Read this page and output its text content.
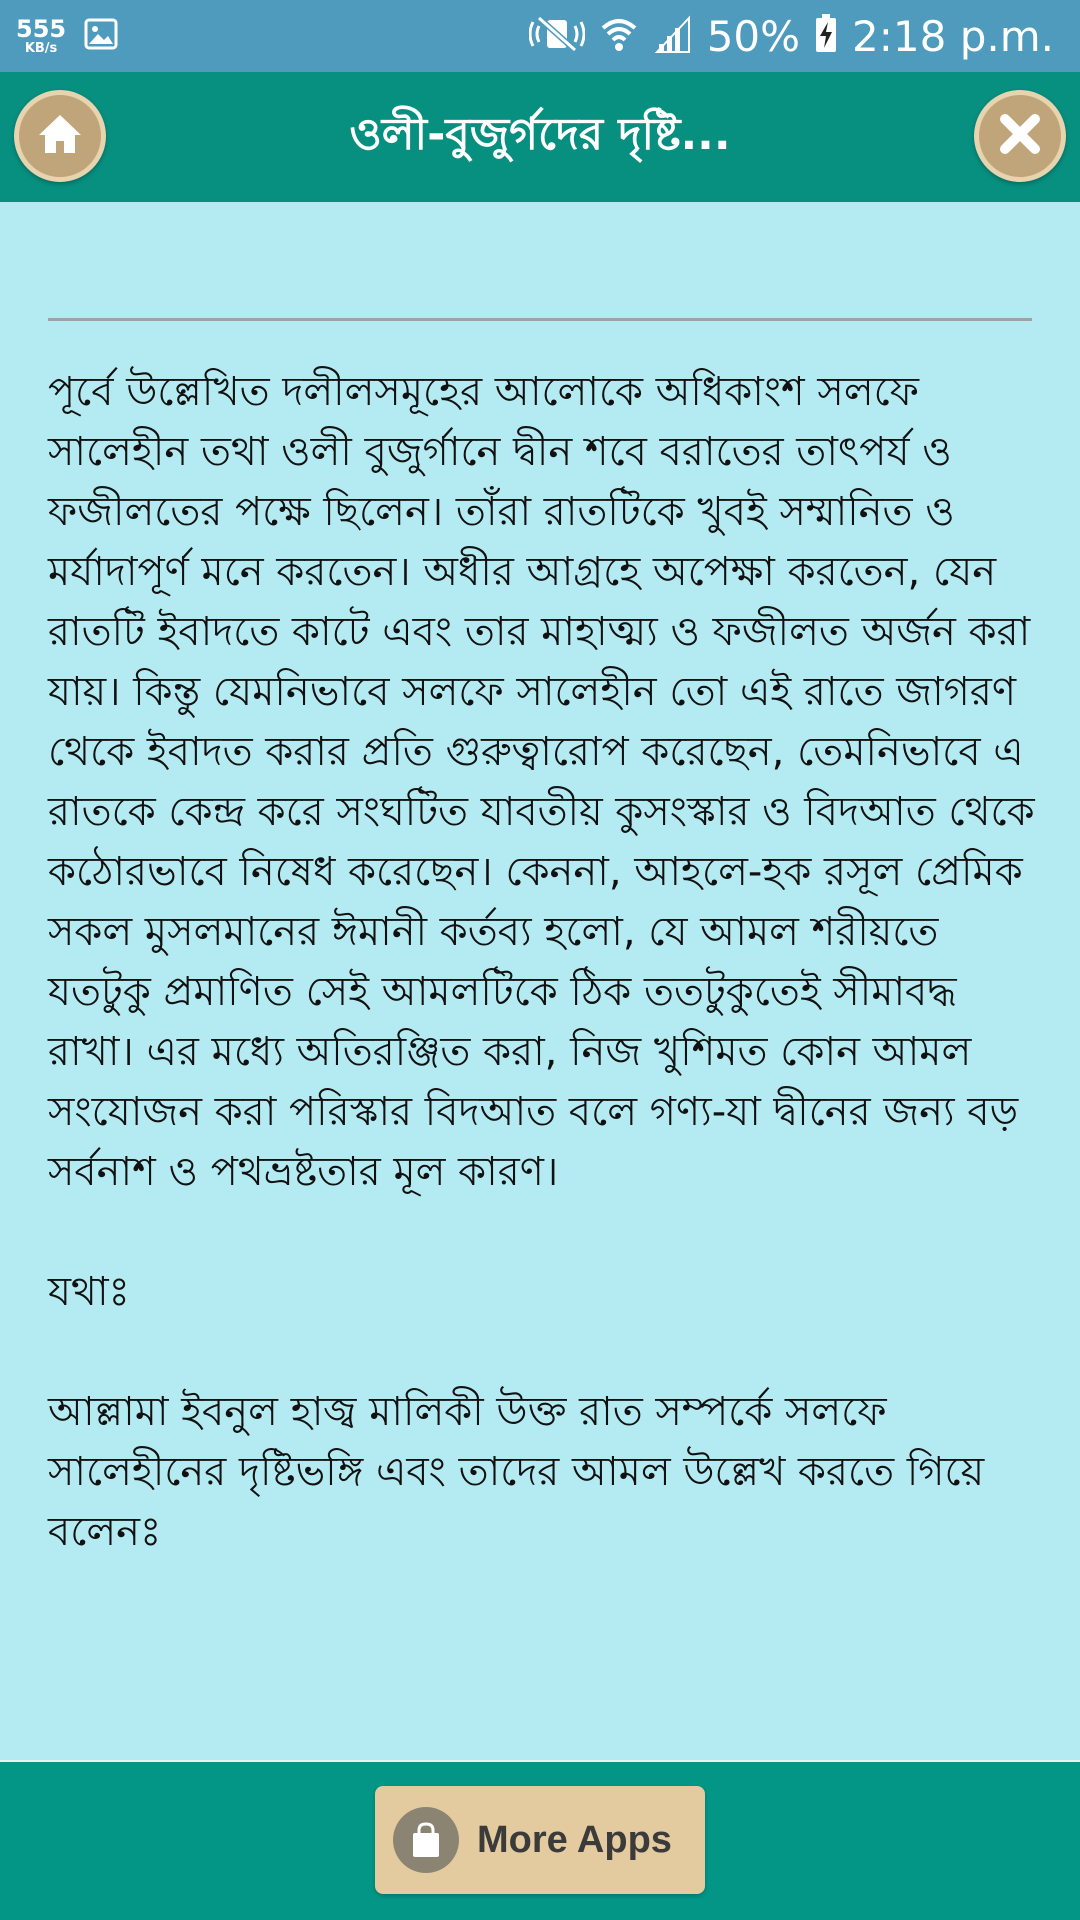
555
KB/s	50% 2:18 p.m.
ওলী-বুজুর্গদের দৃষ্টি...

পূর্বে উল্লেখিত দলীলসমূহের আলোকে অধিকাংশ সলফে সালেহীন তথা ওলী বুজুর্গানে দ্বীন শবে বরাতের তাৎপর্য ও ফজীলতের পক্ষে ছিলেন। তাঁরা রাতটিকে খুবই সম্মানিত ও মর্যাদাপূর্ণ মনে করতেন। অধীর আগ্রহে অপেক্ষা করতেন, যেন রাতটি ইবাদতে কাটে এবং তার মাহাত্ম্য ও ফজীলত অর্জন করা যায়। কিন্তু যেমনিভাবে সলফে সালেহীন তো এই রাতে জাগরণ থেকে ইবাদত করার প্রতি গুরুত্বারোপ করেছেন, তেমনিভাবে এ রাতকে কেন্দ্র করে সংঘটিত যাবতীয় কুসংস্কার ও বিদআত থেকে কঠোরভাবে নিষেধ করেছেন। কেননা, আহলে-হক রসূল প্রেমিক সকল মুসলমানের ঈমানী কর্তব্য হলো, যে আমল শরীয়তে যতটুকু প্রমাণিত সেই আমলটিকে ঠিক ততটুকুতেই সীমাবদ্ধ রাখা। এর মধ্যে অতিরঞ্জিত করা, নিজ খুশিমত কোন আমল সংযোজন করা পরিস্কার বিদআত বলে গণ্য-যা দ্বীনের জন্য বড় সর্বনাশ ও পথভ্রষ্টতার মূল কারণ।

যথাঃ

আল্লামা ইবনুল হাজ্ব মালিকী উক্ত রাত সম্পর্কে সলফে সালেহীনের দৃষ্টিভঙ্গি এবং তাদের আমল উল্লেখ করতে গিয়ে বলেনঃ

More Apps
